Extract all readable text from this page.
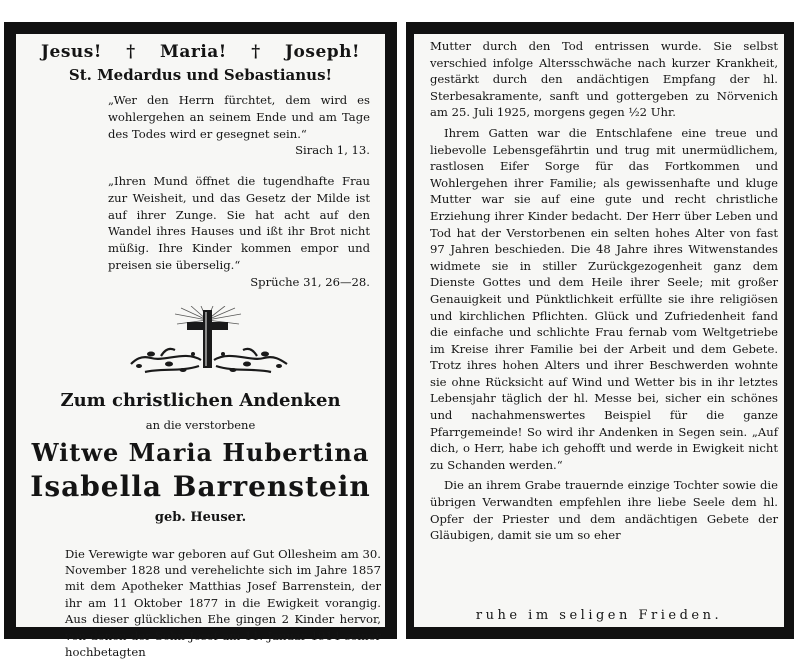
Jesus! † Maria! † Joseph!
St. Medardus und Sebastianus!
„Wer den Herrn fürchtet, dem wird es wohlergehen an seinem Ende und am Tage des Todes wird er gesegnet sein.“
Sirach 1, 13.
„Ihren Mund öffnet die tugendhafte Frau zur Weisheit, und das Gesetz der Milde ist auf ihrer Zunge. Sie hat acht auf den Wandel ihres Hauses und ißt ihr Brot nicht müßig. Ihre Kinder kommen empor und preisen sie überselig.“
Sprüche 31, 26—28.
Zum christlichen Andenken
an die verstorbene
Witwe Maria Hubertina
Isabella Barrenstein
geb. Heuser.

Die Verewigte war geboren auf Gut Ollesheim am 30. November 1828 und verehelichte sich im Jahre 1857 mit dem Apotheker Matthias Josef Barrenstein, der ihr am 11 Oktober 1877 in die Ewigkeit vorangig. Aus dieser glücklichen Ehe gingen 2 Kinder hervor, von denen der Sohn Josef am 11. Januar 1914 seiner hochbetagten

Mutter durch den Tod entrissen wurde. Sie selbst verschied infolge Altersschwäche nach kurzer Krankheit, gestärkt durch den andächtigen Empfang der hl. Sterbesakramente, sanft und gottergeben zu Nörvenich am 25. Juli 1925, morgens gegen ½2 Uhr.

Ihrem Gatten war die Entschlafene eine treue und liebevolle Lebensgefährtin und trug mit unermüdlichem, rastlosen Eifer Sorge für das Fortkommen und Wohlergehen ihrer Familie; als gewissenhafte und kluge Mutter war sie auf eine gute und recht christliche Erziehung ihrer Kinder bedacht. Der Herr über Leben und Tod hat der Verstorbenen ein selten hohes Alter von fast 97 Jahren beschieden. Die 48 Jahre ihres Witwenstandes widmete sie in stiller Zurückgezogenheit ganz dem Dienste Gottes und dem Heile ihrer Seele; mit großer Genauigkeit und Pünktlichkeit erfüllte sie ihre religiösen und kirchlichen Pflichten. Glück und Zufriedenheit fand die einfache und schlichte Frau fernab vom Weltgetriebe im Kreise ihrer Familie bei der Arbeit und dem Gebete. Trotz ihres hohen Alters und ihrer Beschwerden wohnte sie ohne Rücksicht auf Wind und Wetter bis in ihr letztes Lebensjahr täglich der hl. Messe bei, sicher ein schönes und nachahmenswertes Beispiel für die ganze Pfarrgemeinde! So wird ihr Andenken in Segen sein. „Auf dich, o Herr, habe ich gehofft und werde in Ewigkeit nicht zu Schanden werden.“

Die an ihrem Grabe trauernde einzige Tochter sowie die übrigen Verwandten empfehlen ihre liebe Seele dem hl. Opfer der Priester und dem andächtigen Gebete der Gläubigen, damit sie um so eher

ruhe im seligen Frieden.
